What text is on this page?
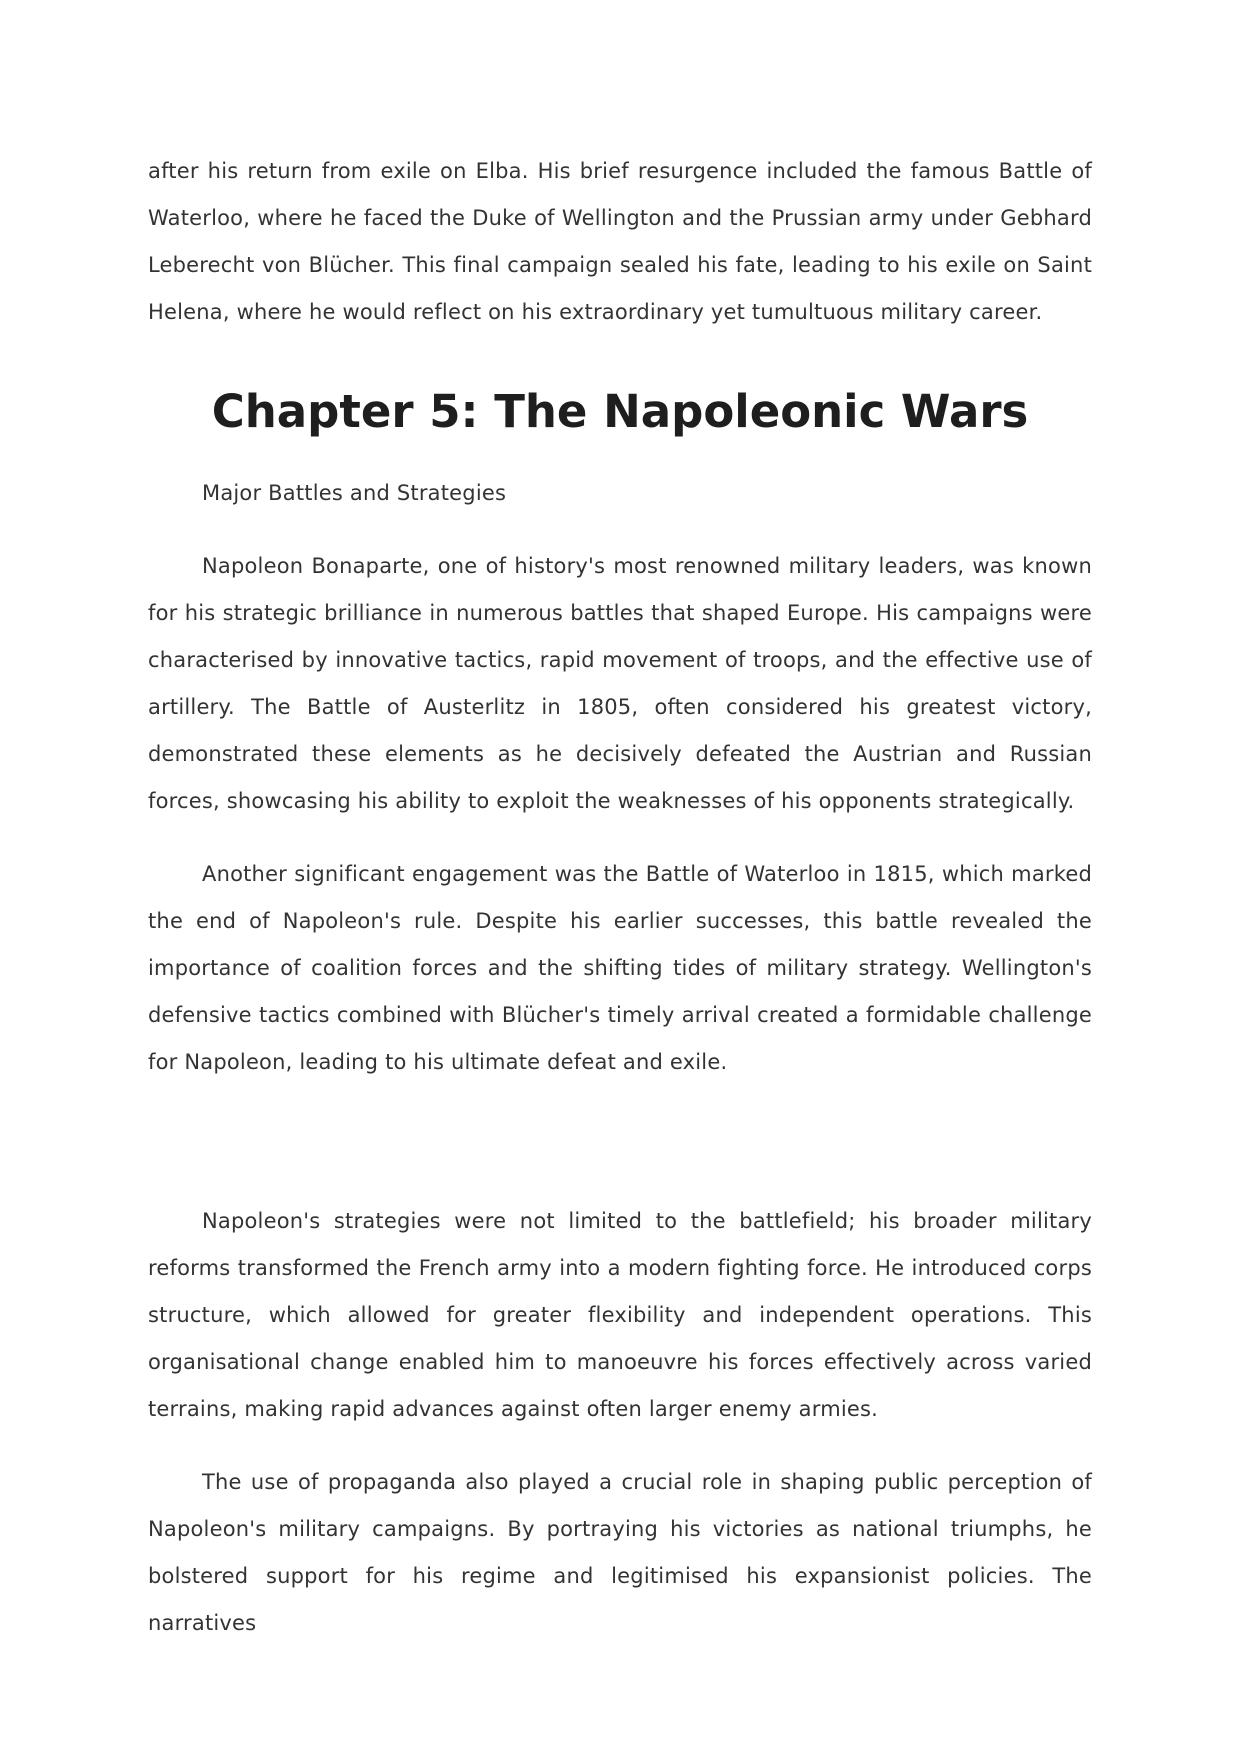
after his return from exile on Elba. His brief resurgence included the famous Battle of Waterloo, where he faced the Duke of Wellington and the Prussian army under Gebhard Leberecht von Blücher. This final campaign sealed his fate, leading to his exile on Saint Helena, where he would reflect on his extraordinary yet tumultuous military career.

Chapter 5: The Napoleonic Wars

Major Battles and Strategies

Napoleon Bonaparte, one of history's most renowned military leaders, was known for his strategic brilliance in numerous battles that shaped Europe. His campaigns were characterised by innovative tactics, rapid movement of troops, and the effective use of artillery. The Battle of Austerlitz in 1805, often considered his greatest victory, demonstrated these elements as he decisively defeated the Austrian and Russian forces, showcasing his ability to exploit the weaknesses of his opponents strategically.

Another significant engagement was the Battle of Waterloo in 1815, which marked the end of Napoleon's rule. Despite his earlier successes, this battle revealed the importance of coalition forces and the shifting tides of military strategy. Wellington's defensive tactics combined with Blücher's timely arrival created a formidable challenge for Napoleon, leading to his ultimate defeat and exile.

Napoleon's strategies were not limited to the battlefield; his broader military reforms transformed the French army into a modern fighting force. He introduced corps structure, which allowed for greater flexibility and independent operations. This organisational change enabled him to manoeuvre his forces effectively across varied terrains, making rapid advances against often larger enemy armies.

The use of propaganda also played a crucial role in shaping public perception of Napoleon's military campaigns. By portraying his victories as national triumphs, he bolstered support for his regime and legitimised his expansionist policies. The narratives
